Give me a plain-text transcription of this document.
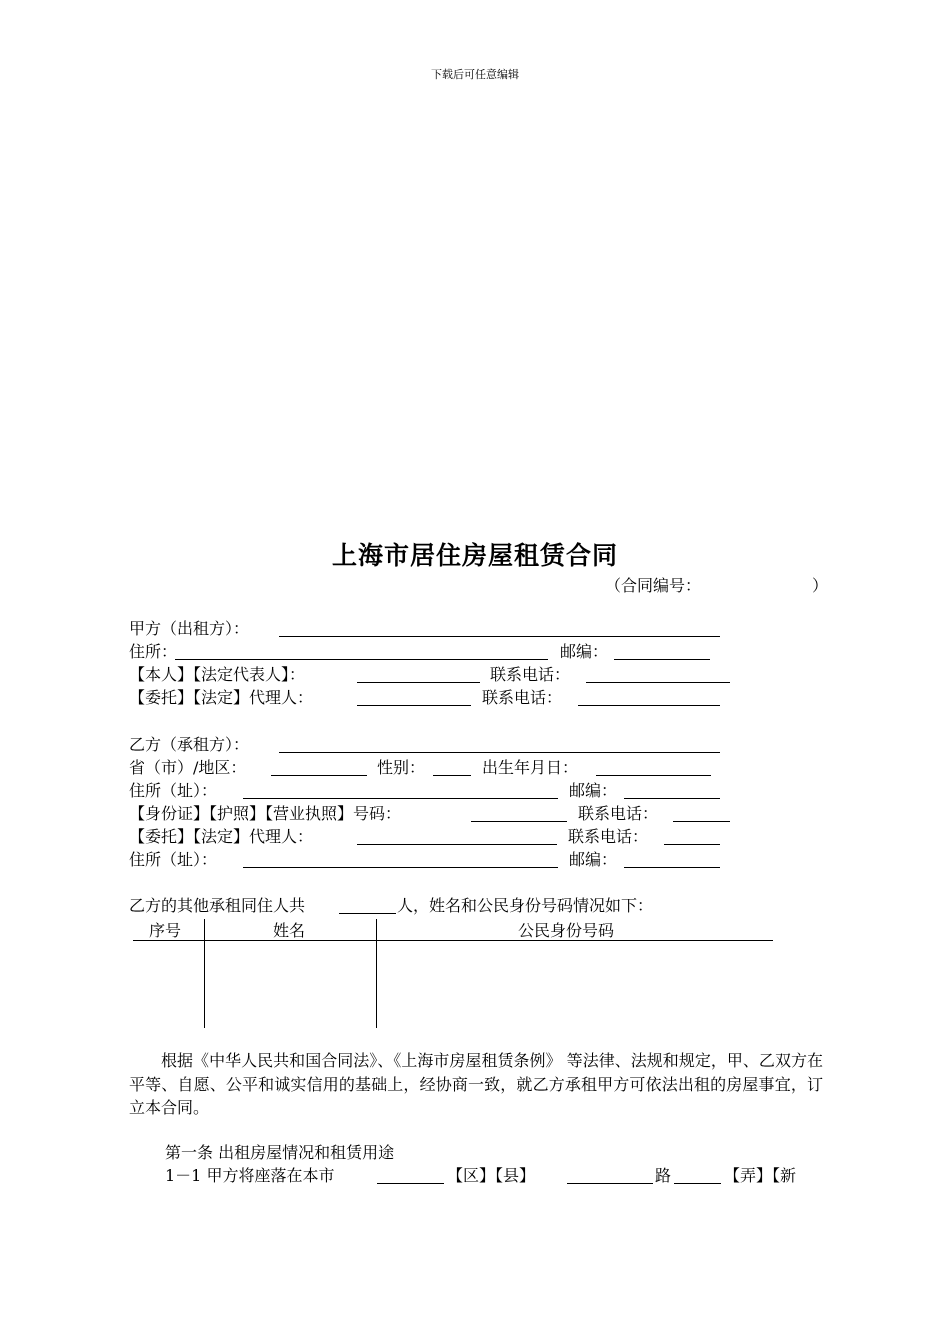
下载后可任意编辑
上海市居住房屋租赁合同
（合同编号：	）
甲方（出租方）：
住所：	邮编：
【本人】【法定代表人】：	联系电话：
【委托】【法定】代理人：	联系电话：
乙方（承租方）：
省（市）/地区：	性别：	出生年月日：
住所（址）：	邮编：
【身份证】【护照】【营业执照】号码：	联系电话：
【委托】【法定】代理人：	联系电话：
住所（址）：	邮编：
乙方的其他承租同住人共	人，姓名和公民身份号码情况如下：
序号	姓名	公民身份号码
根据《中华人民共和国合同法》、《上海市房屋租赁条例》 等法律、法规和规定，甲、乙双方在平等、自愿、公平和诚实信用的基础上，经协商一致，就乙方承租甲方可依法出租的房屋事宜，订立本合同。
第一条 出租房屋情况和租赁用途
1－1 甲方将座落在本市	【区】【县】	路	【弄】【新
